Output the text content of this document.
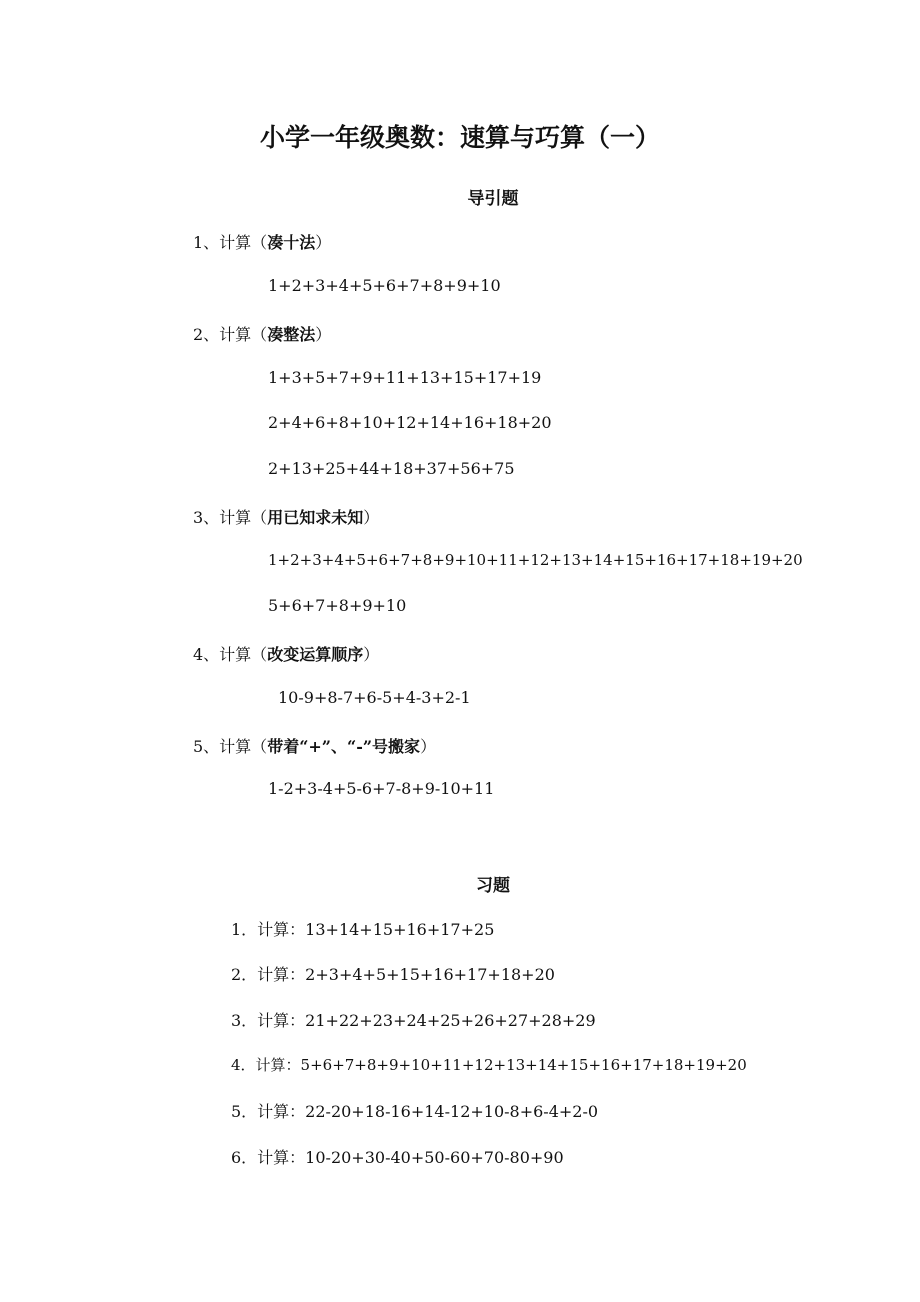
小学一年级奥数：速算与巧算（一）
导引题
1、计算（凑十法）
1+2+3+4+5+6+7+8+9+10
2、计算（凑整法）
1+3+5+7+9+11+13+15+17+19
2+4+6+8+10+12+14+16+18+20
2+13+25+44+18+37+56+75
3、计算（用已知求未知）
1+2+3+4+5+6+7+8+9+10+11+12+13+14+15+16+17+18+19+20
5+6+7+8+9+10
4、计算（改变运算顺序）
10-9+8-7+6-5+4-3+2-1
5、计算（带着“+”、“-”号搬家）
1-2+3-4+5-6+7-8+9-10+11
习题
1．计算：13+14+15+16+17+25
2．计算：2+3+4+5+15+16+17+18+20
3．计算：21+22+23+24+25+26+27+28+29
4．计算：5+6+7+8+9+10+11+12+13+14+15+16+17+18+19+20
5．计算：22-20+18-16+14-12+10-8+6-4+2-0
6．计算：10-20+30-40+50-60+70-80+90
